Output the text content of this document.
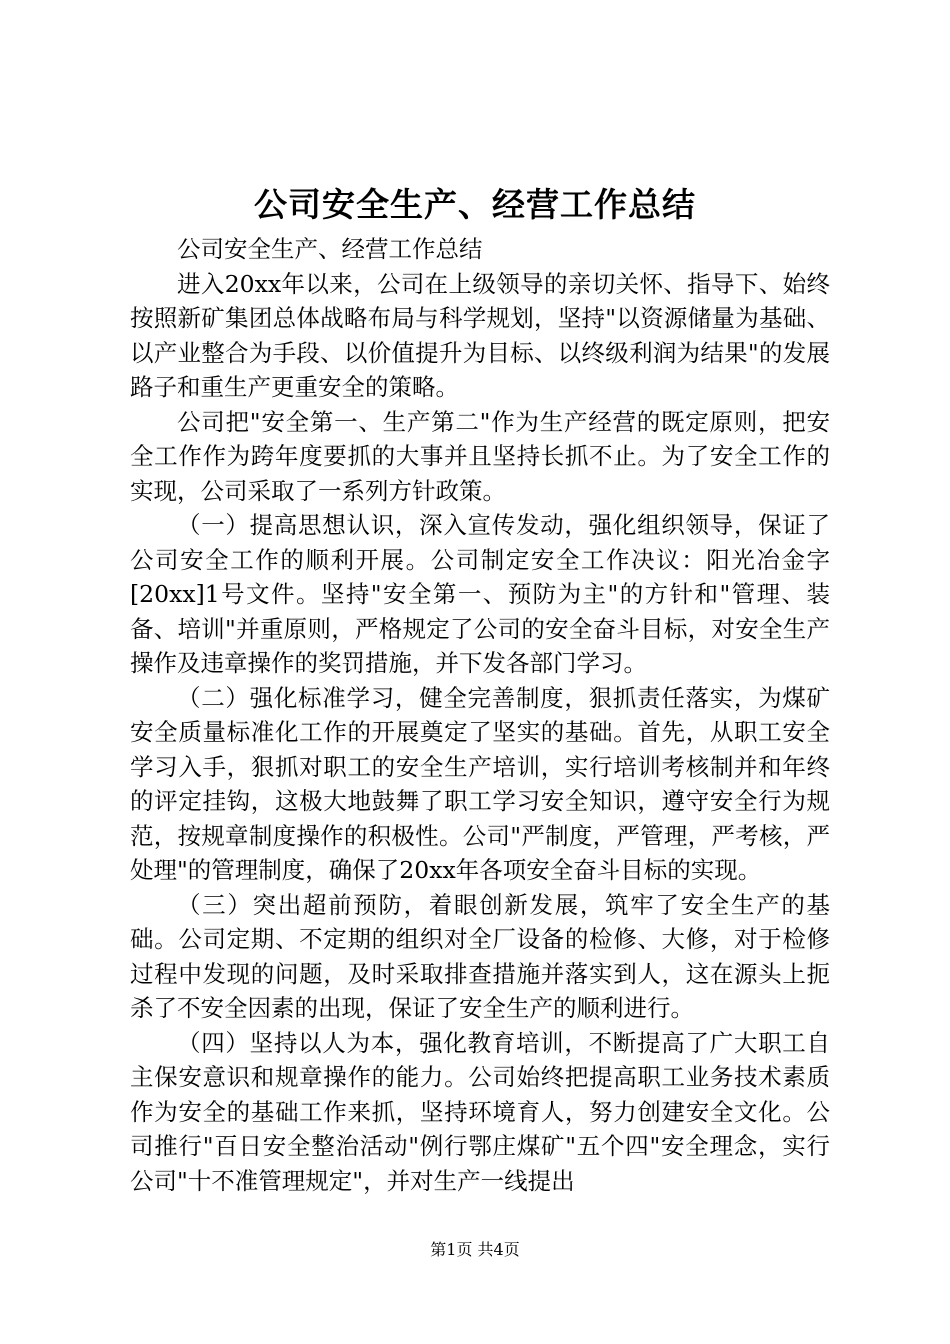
公司安全生产、经营工作总结

公司安全生产、经营工作总结

进入20xx年以来，公司在上级领导的亲切关怀、指导下、始终按照新矿集团总体战略布局与科学规划，坚持"以资源储量为基础、以产业整合为手段、以价值提升为目标、以终级利润为结果"的发展路子和重生产更重安全的策略。

公司把"安全第一、生产第二"作为生产经营的既定原则，把安全工作作为跨年度要抓的大事并且坚持长抓不止。为了安全工作的实现，公司采取了一系列方针政策。

（一）提高思想认识，深入宣传发动，强化组织领导，保证了公司安全工作的顺利开展。公司制定安全工作决议：阳光冶金字[20xx]1号文件。坚持"安全第一、预防为主"的方针和"管理、装备、培训"并重原则，严格规定了公司的安全奋斗目标，对安全生产操作及违章操作的奖罚措施，并下发各部门学习。

（二）强化标准学习，健全完善制度，狠抓责任落实，为煤矿安全质量标准化工作的开展奠定了坚实的基础。首先，从职工安全学习入手，狠抓对职工的安全生产培训，实行培训考核制并和年终的评定挂钩，这极大地鼓舞了职工学习安全知识，遵守安全行为规范，按规章制度操作的积极性。公司"严制度，严管理，严考核，严处理"的管理制度，确保了20xx年各项安全奋斗目标的实现。

（三）突出超前预防，着眼创新发展，筑牢了安全生产的基础。公司定期、不定期的组织对全厂设备的检修、大修，对于检修过程中发现的问题，及时采取排查措施并落实到人，这在源头上扼杀了不安全因素的出现，保证了安全生产的顺利进行。

（四）坚持以人为本，强化教育培训，不断提高了广大职工自主保安意识和规章操作的能力。公司始终把提高职工业务技术素质作为安全的基础工作来抓，坚持环境育人，努力创建安全文化。公司推行"百日安全整治活动"例行鄂庄煤矿"五个四"安全理念，实行公司"十不准管理规定"，并对生产一线提出

第1页 共4页
